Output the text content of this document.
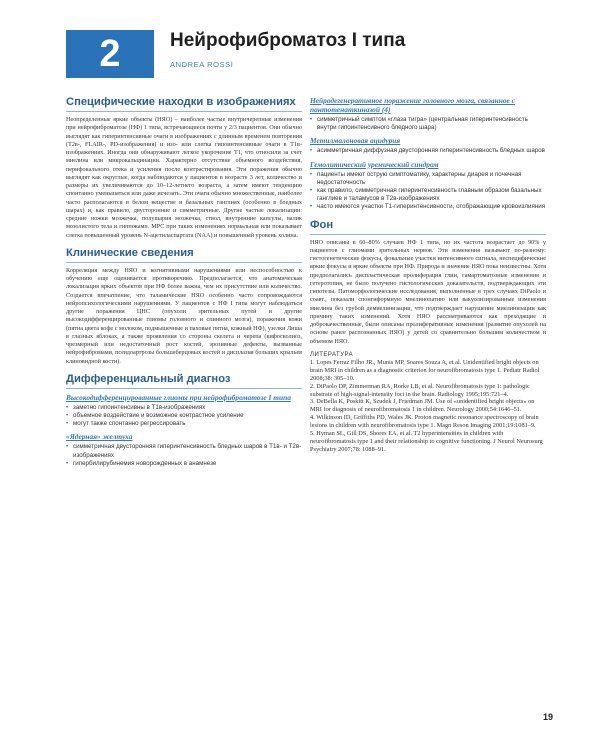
2	Нейрофиброматоз I типа
ANDREA ROSSI
Специфические находки в изображениях

Неопределенные яркие объекты (НЯО) – наиболее частые внутричерепные изменения при нейрофиброматозе (НФ) 1 типа, встречающиеся почти у 2/3 пациентов. Они обычно выглядят как гиперинтенсивные очаги в изображениях с длинным временем повторения (T2в-, FLAIR-, PD-изображения) и изо- или слегка гипоинтенсивные очаги в T1в-изображениях. Иногда они обнаруживают легкое укорочение T1, что относили за счет миелина или микрокальцинации. Характерно отсутствие объемного воздействия, перифокального отека и усиления после контрастирования. Эти поражения обычно выглядят как округлые, когда наблюдаются у пациентов в возрасте 3 лет, количество и размеры их увеличиваются до 10–12-летнего возраста, а затем имеют тенденцию спонтанно уменьшаться или даже исчезать. Эти очаги обычно множественные, наиболее часто располагаются в белом веществе и базальных ганглиях (особенно в бледных шарах) и, как правило, двусторонние и симметричные. Другие частые локализации: средние ножки мозжечка, полушария мозжечка, ствол, внутренние капсулы, валик мозолистого тела и гиппокамп. МРС при таких изменениях нормальная или показывает слегка повышенный уровень N-ацетиласпартата (NAA) и повышенный уровень холина.

Клинические сведения

Корреляция между НЯО и когнитивными нарушениями или неспособностью к обучению еще оценивается противоречиво. Предполагается, что анатомическая локализация ярких объектов при НФ более важна, чем их присутствие или количество. Создается впечатление, что таламические НЯО особенно часто сопровождаются нейропсихологическими нарушениями. У пациентов с НФ I типа могут наблюдаться другие поражения ЦНС (опухоли зрительных путей и другие высокодифференцированные глиомы головного и спинного мозга), поражения кожи (пятна цвета кофе с молоком, подмышечные и паховые пятна, кожный НФ), узелки Лиша в глазных яблоках, а также проявления со стороны скелета и черепа (кифосколиоз, чрезмерный или недостаточный рост костей, эрозивные дефекты, вызванные нейрофибромами, псевдоартрозы большеберцовых костей и дисплазия больших крыльев клиновидной кости).

Дифференциальный диагноз
Высокодифференцированные глиомы при нейрофиброматозе I типа
• заметно гипоинтенсивны в T1в-изображениях
• объемное воздействие и возможное контрастное усиление
• могут также спонтанно регрессировать
«Ядерная» желтуха
• симметричная двусторонняя гиперинтенсивность бледных шаров в T1в- и T2в-изображениях
• гипербилирубинемия новорожденных в анамнезе
Нейродегенеративное поражение головного мозга, связанное с пантотенаткиназой (4)
• симметричный симптом «глаза тигра» (центральная гиперинтенсивность внутри гипоинтенсивного бледного шара)
Метилмалоновая ацидурия
• асимметричная диффузная двусторонняя гиперинтенсивность бледных шаров
Гемолитический уремический синдром
• пациенты имеют острую симптоматику, характерны диарея и почечная недостаточность
• как правило, симметричная гиперинтенсивность главным образом базальных ганглиев и таламусов в T2в-изображениях
• часто имеются участки T1-гиперинтенсивности, отображающие кровоизлияния
Фон

НЯО описаны в 60–80% случаев НФ 1 типа, но их частота возрастает до 90% у пациентов с глиомами зрительных нервов. Эти изменения называют по-разному: гистогенетические фокусы, фокальные участки интенсивного сигнала, неспецифические яркие фокусы и яркие объекты при НФ. Природа и значение НЯО пока неизвестны. Хотя предполагались диспластическая пролиферация глии, гамартоматозные изменения и гетеротопия, не было получено гистологических доказательств, подтверждающих эти гипотезы. Патоморфологические исследования, выполненные в трех случаях DiPaolo и соавт., показали спонгиформную миелинопатию или вакуолизированные изменения миелина без грубой демиелинизации, что подтверждает нарушение миелинизации как причину таких изменений. Хотя НЯО рассматриваются как преходящие и доброкачественные, были описаны пролиферативные изменения (развитие опухолей на основе ранее распознанных НЯО) у детей со сравнительно большим количеством и объемом НЯО.

ЛИТЕРАТУРА

1. Lopes Ferraz Filho JR., Munis MP, Soares Souza A, et al. Unidentified bright objects on brain MRI in children as a diagnostic criterion for neurofibromatosis type 1. Pediatr Radiol 2008;38: 305–10.

2. DiPaolo DP, Zimmerman RA, Rorke LB, et al. Neurofibromatosis type 1: pathologic substrate of high-signal-intensity foci in the brain. Radiology 1995;195:721–4.

3. DeBella K, Poskitt K, Szudek J, Friedman JM. Use of «unidentified bright objects» on MRI for diagnosis of neurofibromatosis 1 in children. Neurology 2000;54:1646–51.

4. Wilkinson ID, Griffiths PD, Wales JK. Proton magnetic resonance spectroscopy of brain lesions in children with neurofibromatosis type 1. Magn Reson Imaging 2001;19:1081–9.

5. Hyman SL, Gill DS, Shores EA, et al. T2 hyperintensities in children with neurofibromatosis type 1 and their relationship to cognitive functioning. J Neurol Neurosurg Psychiatry 2007;78: 1088–91.

19
